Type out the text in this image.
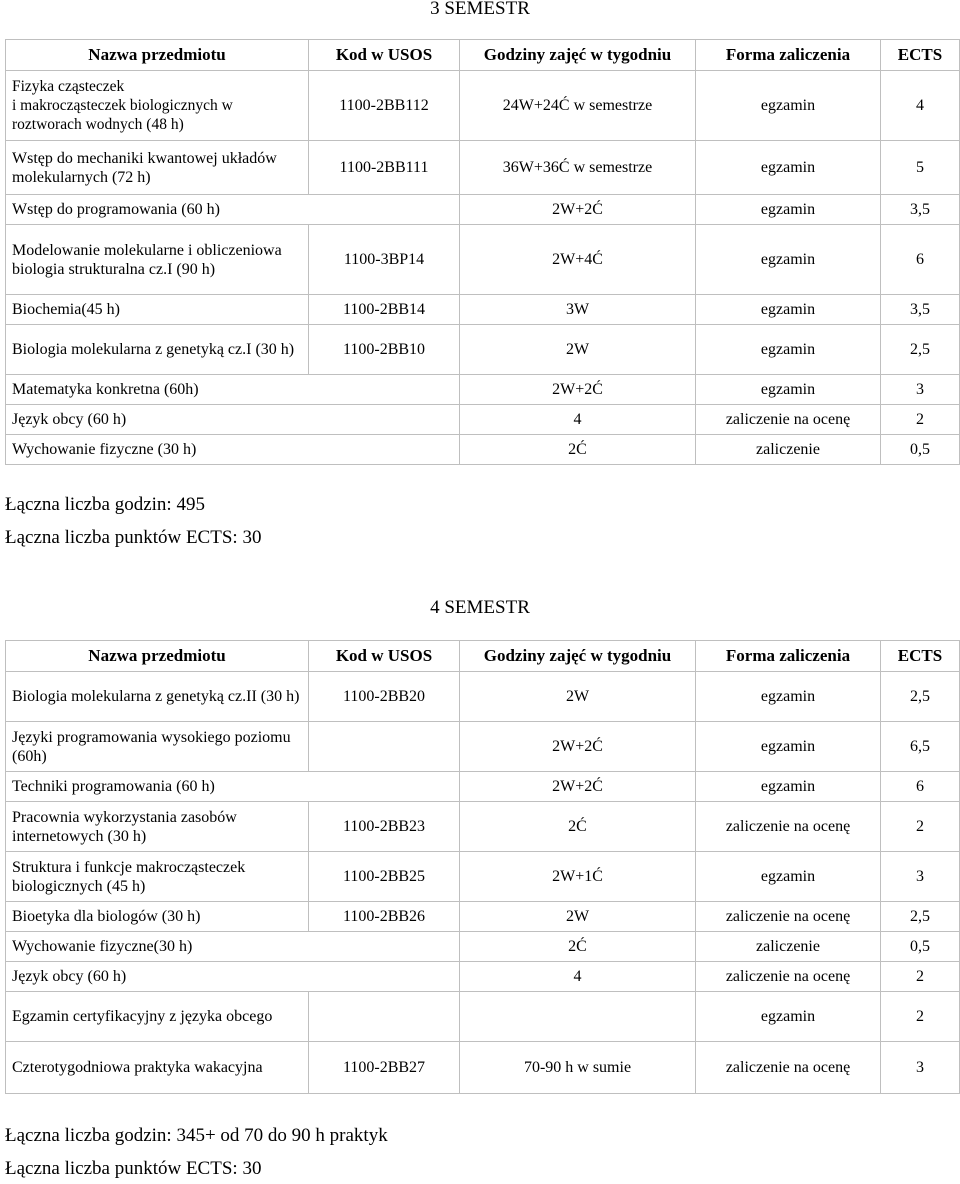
3 SEMESTR
Nazwa przedmiotu	Kod w USOS	Godziny zajęć w tygodniu	Forma zaliczenia	ECTS
Fizyka cząsteczek
i makrocząsteczek biologicznych w roztworach wodnych (48 h)	1100-2BB112	24W+24Ć w semestrze	egzamin	4
Wstęp do mechaniki kwantowej układów molekularnych (72 h)	1100-2BB111	36W+36Ć w semestrze	egzamin	5
Wstęp do programowania (60 h)		2W+2Ć	egzamin	3,5
Modelowanie molekularne i obliczeniowa biologia strukturalna cz.I (90 h)	1100-3BP14	2W+4Ć	egzamin	6
Biochemia(45 h)	1100-2BB14	3W	egzamin	3,5
Biologia molekularna z genetyką cz.I (30 h)	1100-2BB10	2W	egzamin	2,5
Matematyka konkretna (60h)		2W+2Ć	egzamin	3
Język obcy (60 h)		4	zaliczenie na ocenę	2
Wychowanie fizyczne (30 h)		2Ć	zaliczenie	0,5
Łączna liczba godzin: 495
Łączna liczba punktów ECTS: 30
4 SEMESTR
Nazwa przedmiotu	Kod w USOS	Godziny zajęć w tygodniu	Forma zaliczenia	ECTS
Biologia molekularna z genetyką cz.II (30 h)	1100-2BB20	2W	egzamin	2,5
Języki programowania wysokiego poziomu (60h)		2W+2Ć	egzamin	6,5
Techniki programowania (60 h)		2W+2Ć	egzamin	6
Pracownia wykorzystania zasobów internetowych (30 h)	1100-2BB23	2Ć	zaliczenie na ocenę	2
Struktura i funkcje makrocząsteczek biologicznych (45 h)	1100-2BB25	2W+1Ć	egzamin	3
Bioetyka dla biologów (30 h)	1100-2BB26	2W	zaliczenie na ocenę	2,5
Wychowanie fizyczne(30 h)		2Ć	zaliczenie	0,5
Język obcy (60 h)		4	zaliczenie na ocenę	2
Egzamin certyfikacyjny z języka obcego			egzamin	2
Czterotygodniowa praktyka wakacyjna	1100-2BB27	70-90 h w sumie	zaliczenie na ocenę	3
Łączna liczba godzin: 345+ od 70 do 90 h praktyk
Łączna liczba punktów ECTS: 30
